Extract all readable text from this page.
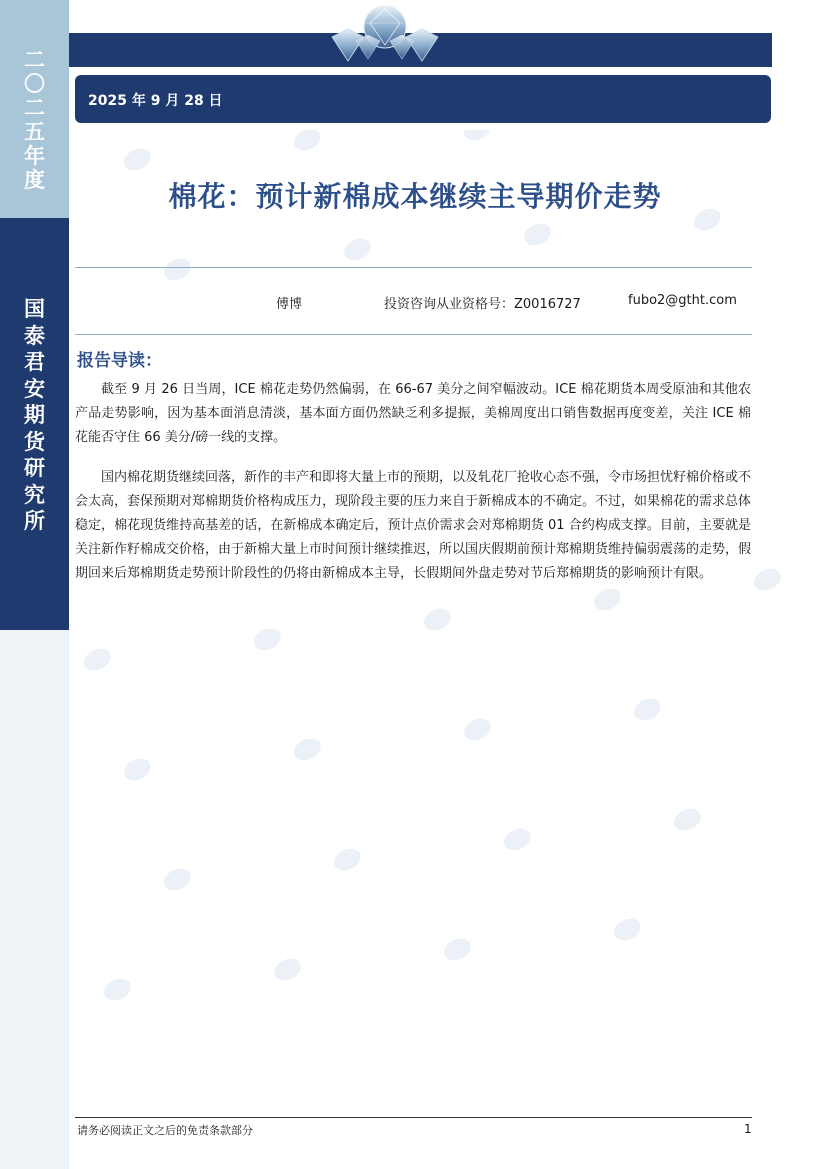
二
〇
二
五
年
度
国
泰
君
安
期
货
研
究
所
2025 年 9 月 28 日
棉花：预计新棉成本继续主导期价走势
傅博	投资咨询从业资格号：Z0016727	fubo2@gtht.com
报告导读：

截至 9 月 26 日当周，ICE 棉花走势仍然偏弱，在 66-67 美分之间窄幅波动。ICE 棉花期货本周受原油和其他农产品走势影响，因为基本面消息清淡，基本面方面仍然缺乏利多提振，美棉周度出口销售数据再度变差，关注 ICE 棉花能否守住 66 美分/磅一线的支撑。

国内棉花期货继续回落，新作的丰产和即将大量上市的预期，以及轧花厂抢收心态不强，令市场担忧籽棉价格或不会太高，套保预期对郑棉期货价格构成压力，现阶段主要的压力来自于新棉成本的不确定。不过，如果棉花的需求总体稳定，棉花现货维持高基差的话，在新棉成本确定后，预计点价需求会对郑棉期货 01 合约构成支撑。目前，主要就是关注新作籽棉成交价格，由于新棉大量上市时间预计继续推迟，所以国庆假期前预计郑棉期货维持偏弱震荡的走势，假期回来后郑棉期货走势预计阶段性的仍将由新棉成本主导，长假期间外盘走势对节后郑棉期货的影响预计有限。

请务必阅读正文之后的免责条款部分	1
